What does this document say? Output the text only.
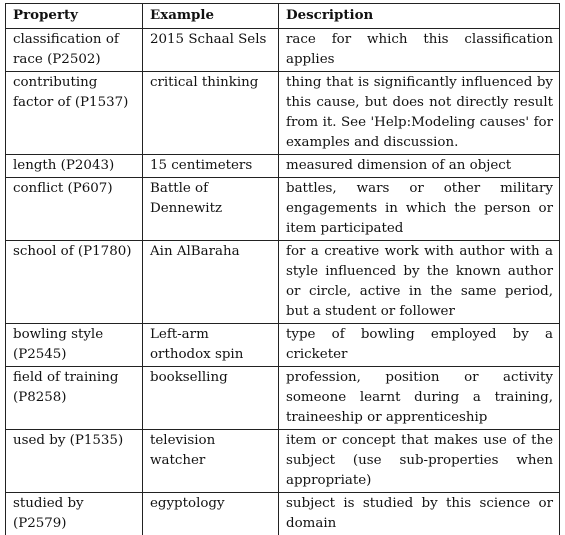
Property	Example	Description
classification of race (P2502)	2015 Schaal Sels	race for which this classification applies
contributing factor of (P1537)	critical thinking	thing that is significantly influenced by this cause, but does not directly result from it. See 'Help:Modeling causes' for examples and discussion.
length (P2043)	15 centimeters	measured dimension of an object
conflict (P607)	Battle of Dennewitz	battles, wars or other military engagements in which the person or item participated
school of (P1780)	Ain AlBaraha	for a creative work with author with a style influenced by the known author or circle, active in the same period, but a student or follower
bowling style (P2545)	Left-arm orthodox spin	type of bowling employed by a cricketer
field of training (P8258)	bookselling	profession, position or activity someone learnt during a training, traineeship or apprenticeship
used by (P1535)	television watcher	item or concept that makes use of the subject (use sub-properties when appropriate)
studied by (P2579)	egyptology	subject is studied by this science or domain
